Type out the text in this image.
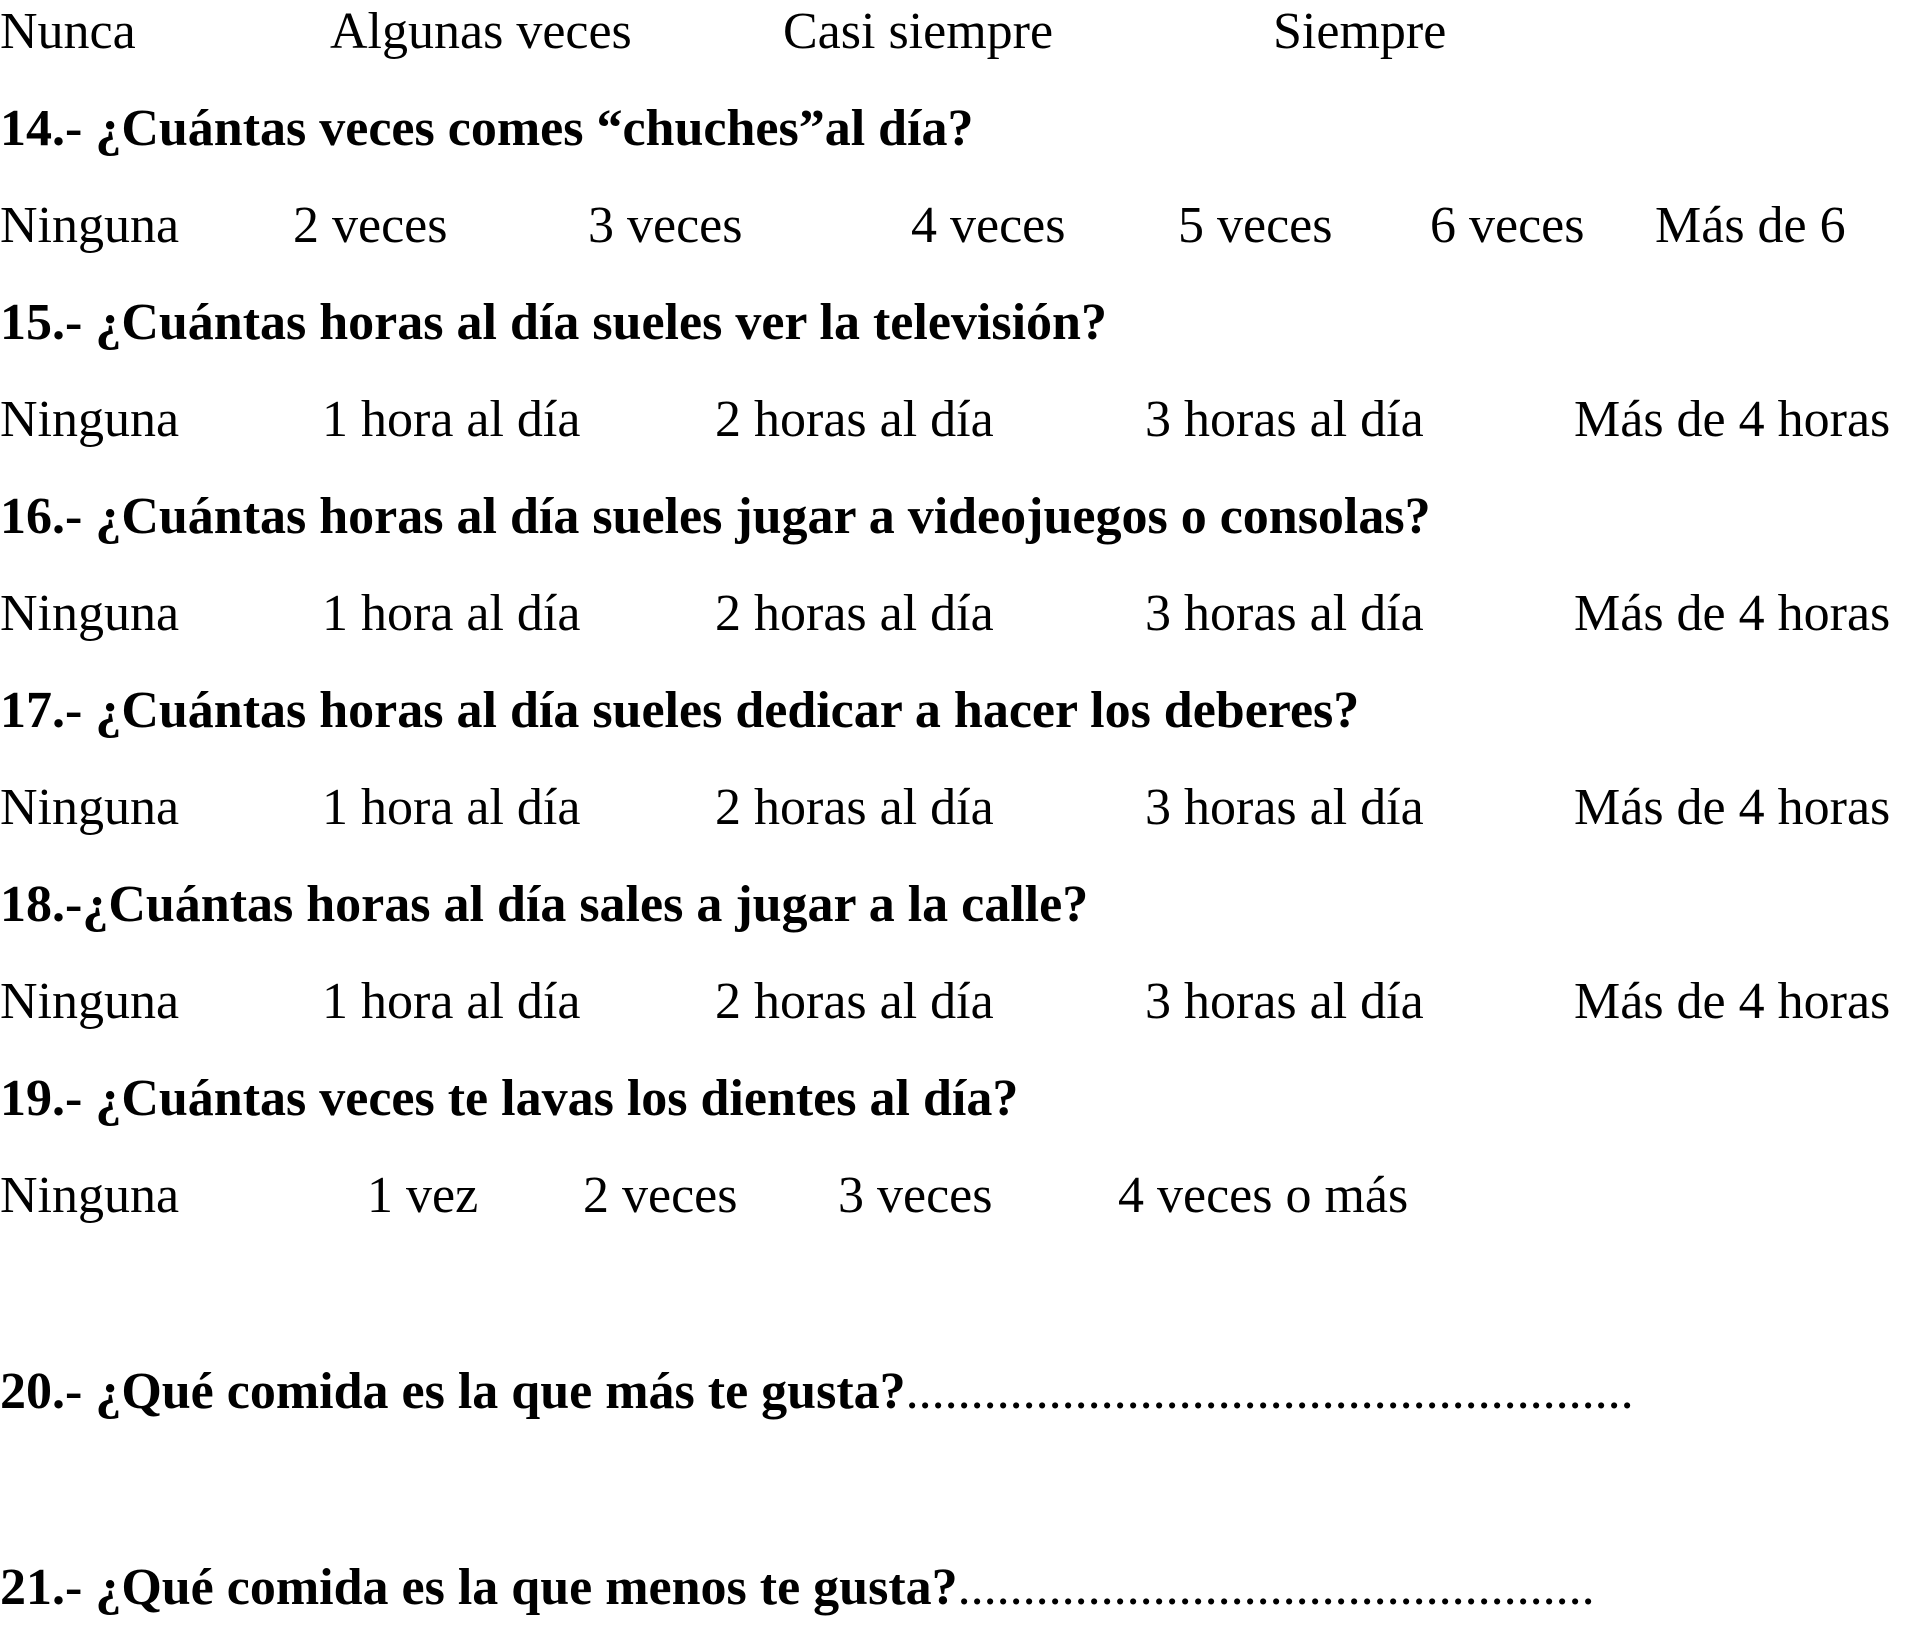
Nunca	Algunas veces	Casi siempre	Siempre
14.- ¿Cuántas veces comes “chuches”al día?
Ninguna 2 veces	3 veces	4 veces 5 veces 6 veces Más de 6
15.- ¿Cuántas horas al día sueles ver la televisión?
Ninguna	1 hora al día	2 horas al día	3 horas al día	Más de 4 horas
16.- ¿Cuántas horas al día sueles jugar a videojuegos o consolas?
Ninguna	1 hora al día	2 horas al día	3 horas al día	Más de 4 horas
17.- ¿Cuántas horas al día sueles dedicar a hacer los deberes?
Ninguna	1 hora al día	2 horas al día	3 horas al día	Más de 4 horas
18.-¿Cuántas horas al día sales a jugar a la calle?
Ninguna	1 hora al día	2 horas al día	3 horas al día	Más de 4 horas
19.- ¿Cuántas veces te lavas los dientes al día?
Ninguna	1 vez 2 veces 3 veces 4 veces o más
20.- ¿Qué comida es la que más te gusta?........................................................
21.- ¿Qué comida es la que menos te gusta?.................................................
